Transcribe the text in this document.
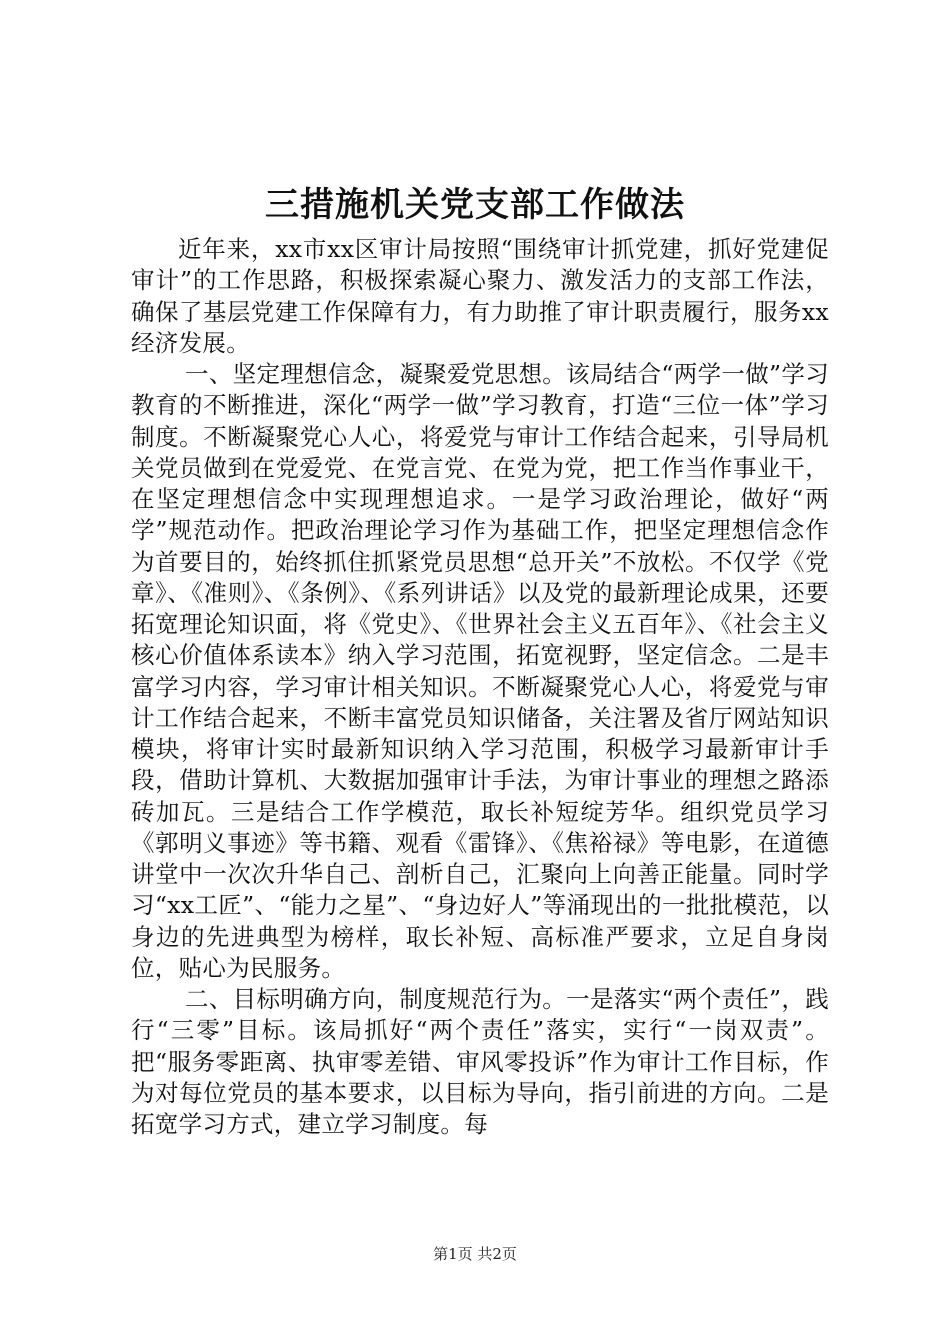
三措施机关党支部工作做法

近年来，xx市xx区审计局按照“围绕审计抓党建，抓好党建促审计”的工作思路，积极探索凝心聚力、激发活力的支部工作法，确保了基层党建工作保障有力，有力助推了审计职责履行，服务xx经济发展。

一、坚定理想信念，凝聚爱党思想。该局结合“两学一做”学习教育的不断推进，深化“两学一做”学习教育，打造“三位一体”学习制度。不断凝聚党心人心，将爱党与审计工作结合起来，引导局机关党员做到在党爱党、在党言党、在党为党，把工作当作事业干，在坚定理想信念中实现理想追求。一是学习政治理论，做好“两学”规范动作。把政治理论学习作为基础工作，把坚定理想信念作为首要目的，始终抓住抓紧党员思想“总开关”不放松。不仅学《党章》、《准则》、《条例》、《系列讲话》以及党的最新理论成果，还要拓宽理论知识面，将《党史》、《世界社会主义五百年》、《社会主义核心价值体系读本》纳入学习范围，拓宽视野，坚定信念。二是丰富学习内容，学习审计相关知识。不断凝聚党心人心，将爱党与审计工作结合起来，不断丰富党员知识储备，关注署及省厅网站知识模块，将审计实时最新知识纳入学习范围，积极学习最新审计手段，借助计算机、大数据加强审计手法，为审计事业的理想之路添砖加瓦。三是结合工作学模范，取长补短绽芳华。组织党员学习《郭明义事迹》等书籍、观看《雷锋》、《焦裕禄》等电影，在道德讲堂中一次次升华自己、剖析自己，汇聚向上向善正能量。同时学习“xx工匠”、“能力之星”、“身边好人”等涌现出的一批批模范，以身边的先进典型为榜样，取长补短、高标准严要求，立足自身岗位，贴心为民服务。

二、目标明确方向，制度规范行为。一是落实“两个责任”，践行“三零”目标。该局抓好“两个责任”落实，实行“一岗双责”。把“服务零距离、执审零差错、审风零投诉”作为审计工作目标，作为对每位党员的基本要求，以目标为导向，指引前进的方向。二是拓宽学习方式，建立学习制度。每

第1页 共2页
